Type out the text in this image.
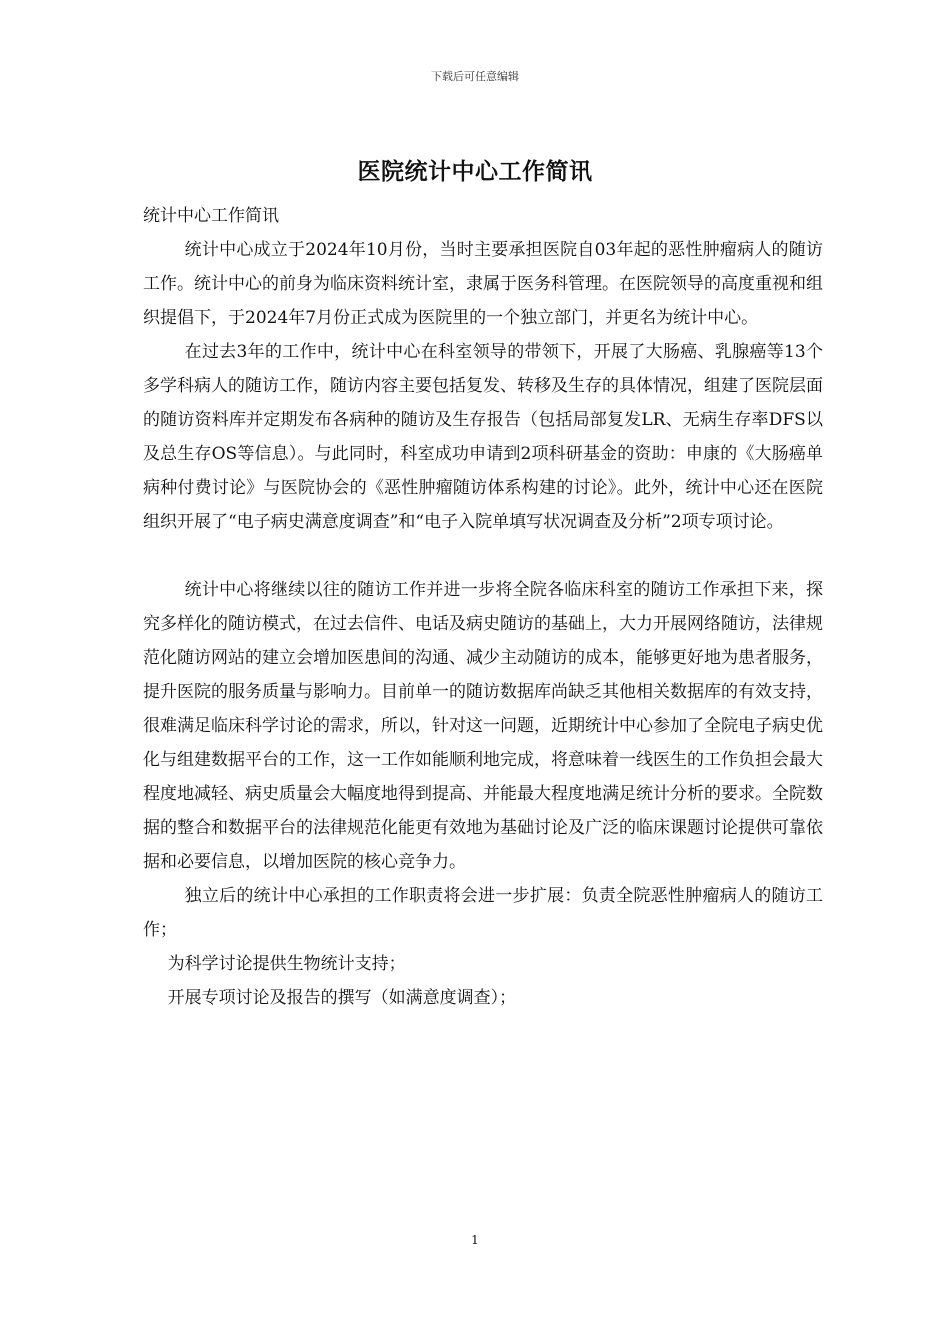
下载后可任意编辑
医院统计中心工作简讯

统计中心工作简讯

统计中心成立于2024年10月份，当时主要承担医院自03年起的恶性肿瘤病人的随访工作。统计中心的前身为临床资料统计室，隶属于医务科管理。在医院领导的高度重视和组织提倡下，于2024年7月份正式成为医院里的一个独立部门，并更名为统计中心。

在过去3年的工作中，统计中心在科室领导的带领下，开展了大肠癌、乳腺癌等13个多学科病人的随访工作，随访内容主要包括复发、转移及生存的具体情况，组建了医院层面的随访资料库并定期发布各病种的随访及生存报告（包括局部复发LR、无病生存率DFS以及总生存OS等信息）。与此同时，科室成功申请到2项科研基金的资助：申康的《大肠癌单病种付费讨论》与医院协会的《恶性肿瘤随访体系构建的讨论》。此外，统计中心还在医院组织开展了“电子病史满意度调查”和“电子入院单填写状况调查及分析”2项专项讨论。

统计中心将继续以往的随访工作并进一步将全院各临床科室的随访工作承担下来，探究多样化的随访模式，在过去信件、电话及病史随访的基础上，大力开展网络随访，法律规范化随访网站的建立会增加医患间的沟通、减少主动随访的成本，能够更好地为患者服务，提升医院的服务质量与影响力。目前单一的随访数据库尚缺乏其他相关数据库的有效支持，很难满足临床科学讨论的需求，所以，针对这一问题，近期统计中心参加了全院电子病史优化与组建数据平台的工作，这一工作如能顺利地完成，将意味着一线医生的工作负担会最大程度地减轻、病史质量会大幅度地得到提高、并能最大程度地满足统计分析的要求。全院数据的整合和数据平台的法律规范化能更有效地为基础讨论及广泛的临床课题讨论提供可靠依据和必要信息，以增加医院的核心竞争力。

独立后的统计中心承担的工作职责将会进一步扩展：负责全院恶性肿瘤病人的随访工作；

为科学讨论提供生物统计支持；

开展专项讨论及报告的撰写（如满意度调查）；

1
